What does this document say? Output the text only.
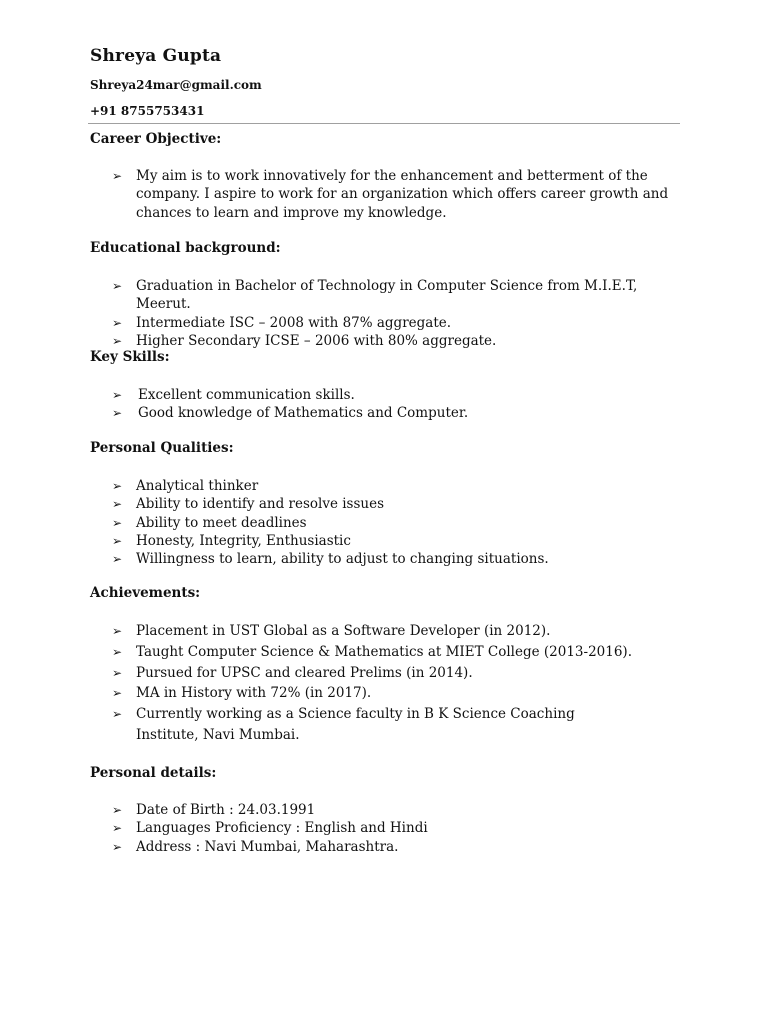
Shreya Gupta
Shreya24mar@gmail.com
+91 8755753431
Career Objective:
➢ My aim is to work innovatively for the enhancement and betterment of the company. I aspire to work for an organization which offers career growth and chances to learn and improve my knowledge.
Educational background:
➢ Graduation in Bachelor of Technology in Computer Science from M.I.E.T, Meerut.
➢ Intermediate ISC – 2008 with 87% aggregate.
➢ Higher Secondary ICSE – 2006 with 80% aggregate.
Key Skills:
➢ Excellent communication skills.
➢ Good knowledge of Mathematics and Computer.
Personal Qualities:
➢ Analytical thinker
➢ Ability to identify and resolve issues
➢ Ability to meet deadlines
➢ Honesty, Integrity, Enthusiastic
➢ Willingness to learn, ability to adjust to changing situations.
Achievements:
➢ Placement in UST Global as a Software Developer (in 2012).
➢ Taught Computer Science & Mathematics at MIET College (2013-2016).
➢ Pursued for UPSC and cleared Prelims (in 2014).
➢ MA in History with 72% (in 2017).
➢ Currently working as a Science faculty in B K Science Coaching Institute, Navi Mumbai.
Personal details:
➢ Date of Birth : 24.03.1991
➢ Languages Proficiency : English and Hindi
➢ Address : Navi Mumbai, Maharashtra.
